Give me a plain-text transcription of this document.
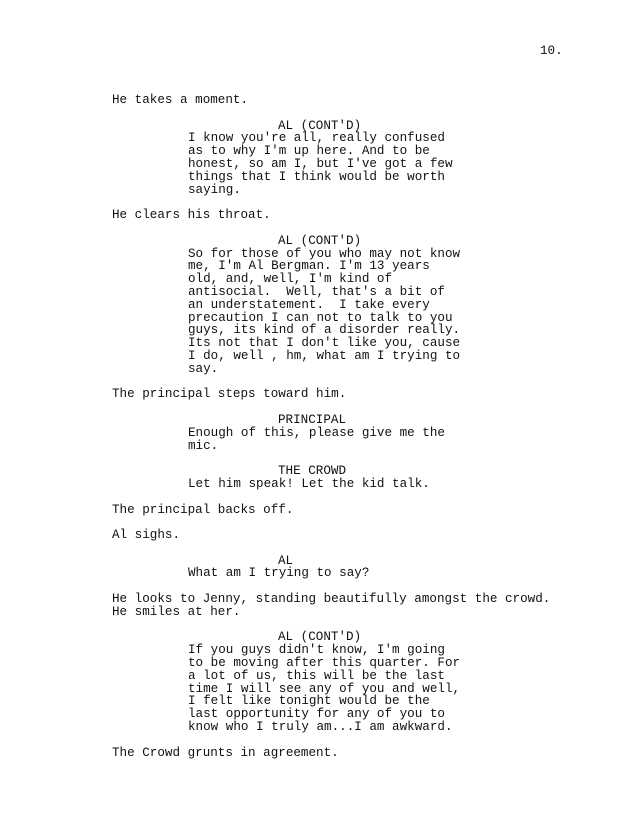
10.
He takes a moment.
AL (CONT'D)
I know you're all, really confused
as to why I'm up here. And to be
honest, so am I, but I've got a few
things that I think would be worth
saying.
He clears his throat.
AL (CONT'D)
So for those of you who may not know
me, I'm Al Bergman. I'm 13 years
old, and, well, I'm kind of
antisocial.  Well, that's a bit of
an understatement.  I take every
precaution I can not to talk to you
guys, its kind of a disorder really.
Its not that I don't like you, cause
I do, well , hm, what am I trying to
say.
The principal steps toward him.
PRINCIPAL
Enough of this, please give me the
mic.
THE CROWD
Let him speak! Let the kid talk.
The principal backs off.
Al sighs.
AL
What am I trying to say?
He looks to Jenny, standing beautifully amongst the crowd.
He smiles at her.
AL (CONT'D)
If you guys didn't know, I'm going
to be moving after this quarter. For
a lot of us, this will be the last
time I will see any of you and well,
I felt like tonight would be the
last opportunity for any of you to
know who I truly am...I am awkward.
The Crowd grunts in agreement.
